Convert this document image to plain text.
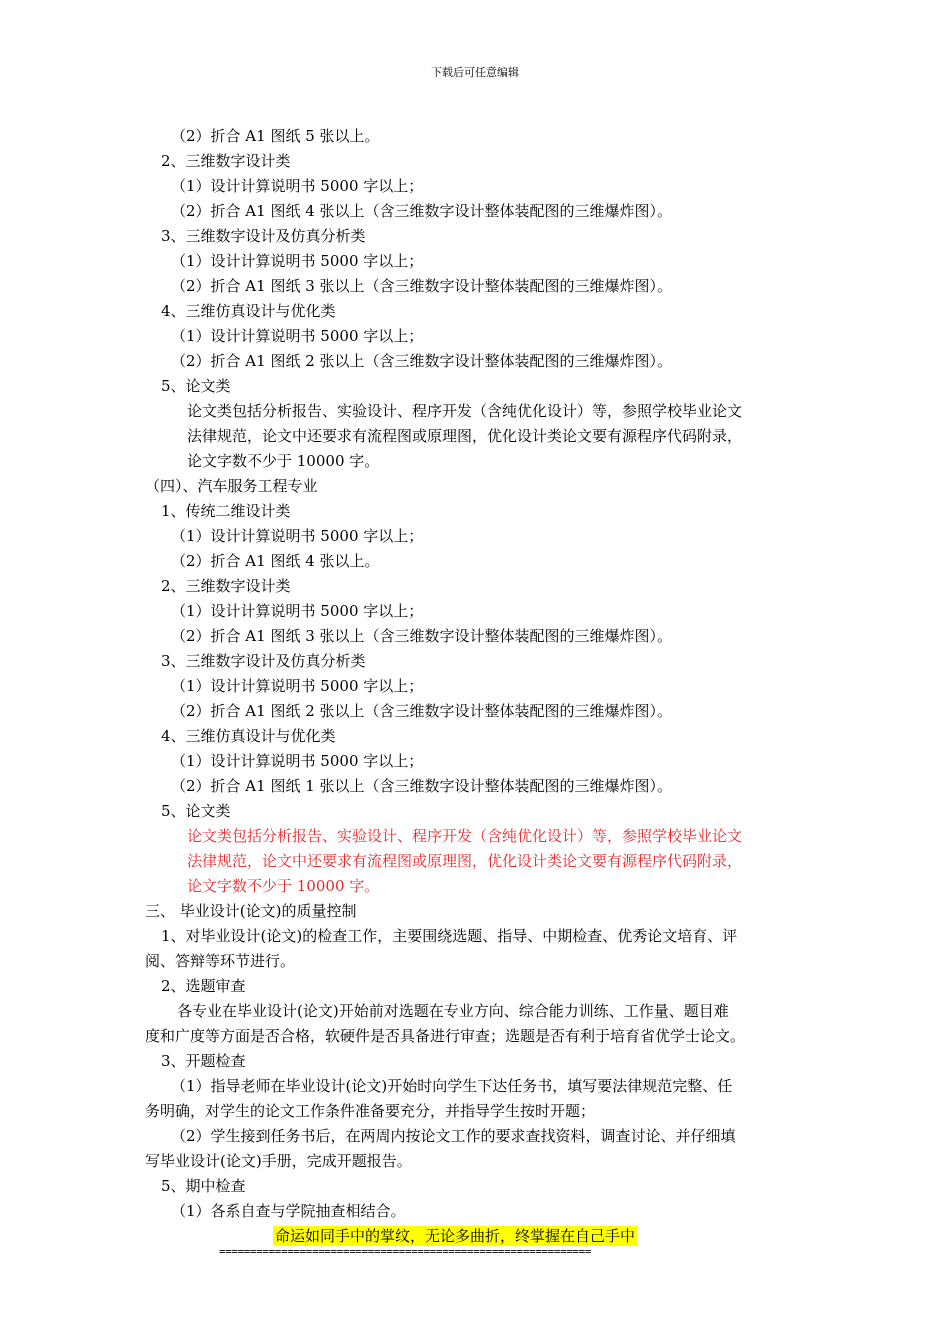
下载后可任意编辑
（2）折合 A1 图纸 5 张以上。
2、三维数字设计类
（1）设计计算说明书 5000 字以上；
（2）折合 A1 图纸 4 张以上（含三维数字设计整体装配图的三维爆炸图）。
3、三维数字设计及仿真分析类
（1）设计计算说明书 5000 字以上；
（2）折合 A1 图纸 3 张以上（含三维数字设计整体装配图的三维爆炸图）。
4、三维仿真设计与优化类
（1）设计计算说明书 5000 字以上；
（2）折合 A1 图纸 2 张以上（含三维数字设计整体装配图的三维爆炸图）。
5、论文类
论文类包括分析报告、实验设计、程序开发（含纯优化设计）等，参照学校毕业论文
法律规范，论文中还要求有流程图或原理图，优化设计类论文要有源程序代码附录，
论文字数不少于 10000 字。
（四）、汽车服务工程专业
1、传统二维设计类
（1）设计计算说明书 5000 字以上；
（2）折合 A1 图纸 4 张以上。
2、三维数字设计类
（1）设计计算说明书 5000 字以上；
（2）折合 A1 图纸 3 张以上（含三维数字设计整体装配图的三维爆炸图）。
3、三维数字设计及仿真分析类
（1）设计计算说明书 5000 字以上；
（2）折合 A1 图纸 2 张以上（含三维数字设计整体装配图的三维爆炸图）。
4、三维仿真设计与优化类
（1）设计计算说明书 5000 字以上；
（2）折合 A1 图纸 1 张以上（含三维数字设计整体装配图的三维爆炸图）。
5、论文类
论文类包括分析报告、实验设计、程序开发（含纯优化设计）等，参照学校毕业论文
法律规范，论文中还要求有流程图或原理图，优化设计类论文要有源程序代码附录，
论文字数不少于 10000 字。
三、 毕业设计(论文)的质量控制
1、对毕业设计(论文)的检查工作，主要围绕选题、指导、中期检查、优秀论文培育、评
阅、答辩等环节进行。
2、选题审查
各专业在毕业设计(论文)开始前对选题在专业方向、综合能力训练、工作量、题目难
度和广度等方面是否合格，软硬件是否具备进行审查；选题是否有利于培育省优学士论文。
3、开题检查
（1）指导老师在毕业设计(论文)开始时向学生下达任务书，填写要法律规范完整、任
务明确，对学生的论文工作条件准备要充分，并指导学生按时开题；
（2）学生接到任务书后，在两周内按论文工作的要求查找资料，调查讨论、并仔细填
写毕业设计(论文)手册，完成开题报告。
5、期中检查
（1）各系自查与学院抽查相结合。
命运如同手中的掌纹，无论多曲折，终掌握在自己手中
============================================================
